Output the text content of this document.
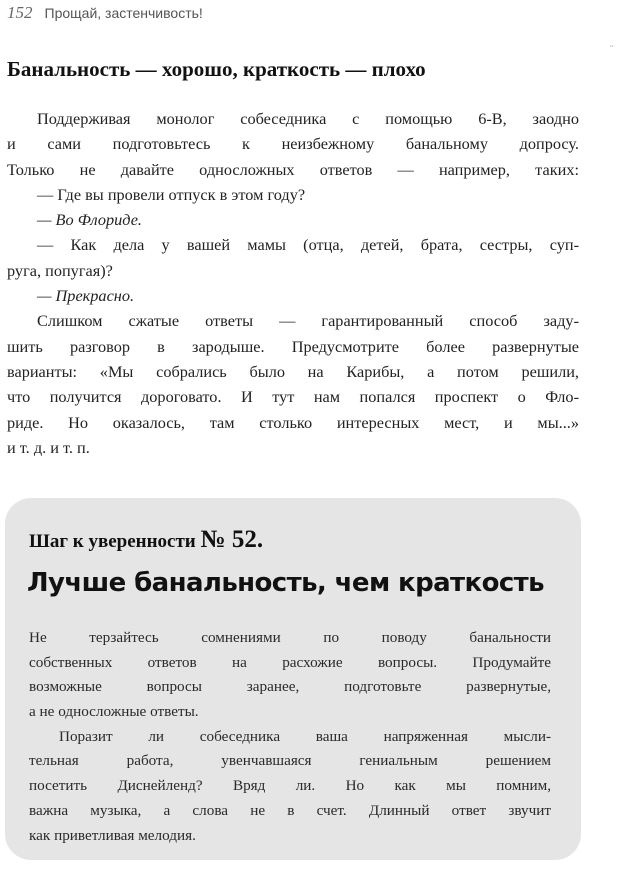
152 Прощай, застенчивость!
˝
Банальность — хорошо, краткость — плохо
Поддерживая монолог собеседника с помощью 6-В, заодно
и сами подготовьтесь к неизбежному банальному допросу.
Только не давайте односложных ответов — например, таких:
— Где вы провели отпуск в этом году?
— Во Флориде.
— Как дела у вашей мамы (отца, детей, брата, сестры, суп-
руга, попугая)?
— Прекрасно.
Слишком сжатые ответы — гарантированный способ заду-
шить разговор в зародыше. Предусмотрите более развернутые
варианты: «Мы собрались было на Карибы, а потом решили,
что получится дороговато. И тут нам попался проспект о Фло-
риде. Но оказалось, там столько интересных мест, и мы...»
и т. д. и т. п.
Шаг к уверенности № 52.
Лучше банальность, чем краткость
Не терзайтесь сомнениями по поводу банальности
собственных ответов на расхожие вопросы. Продумайте
возможные вопросы заранее, подготовьте развернутые,
а не односложные ответы.
Поразит ли собеседника ваша напряженная мысли-
тельная работа, увенчавшаяся гениальным решением
посетить Диснейленд? Вряд ли. Но как мы помним,
важна музыка, а слова не в счет. Длинный ответ звучит
как приветливая мелодия.
